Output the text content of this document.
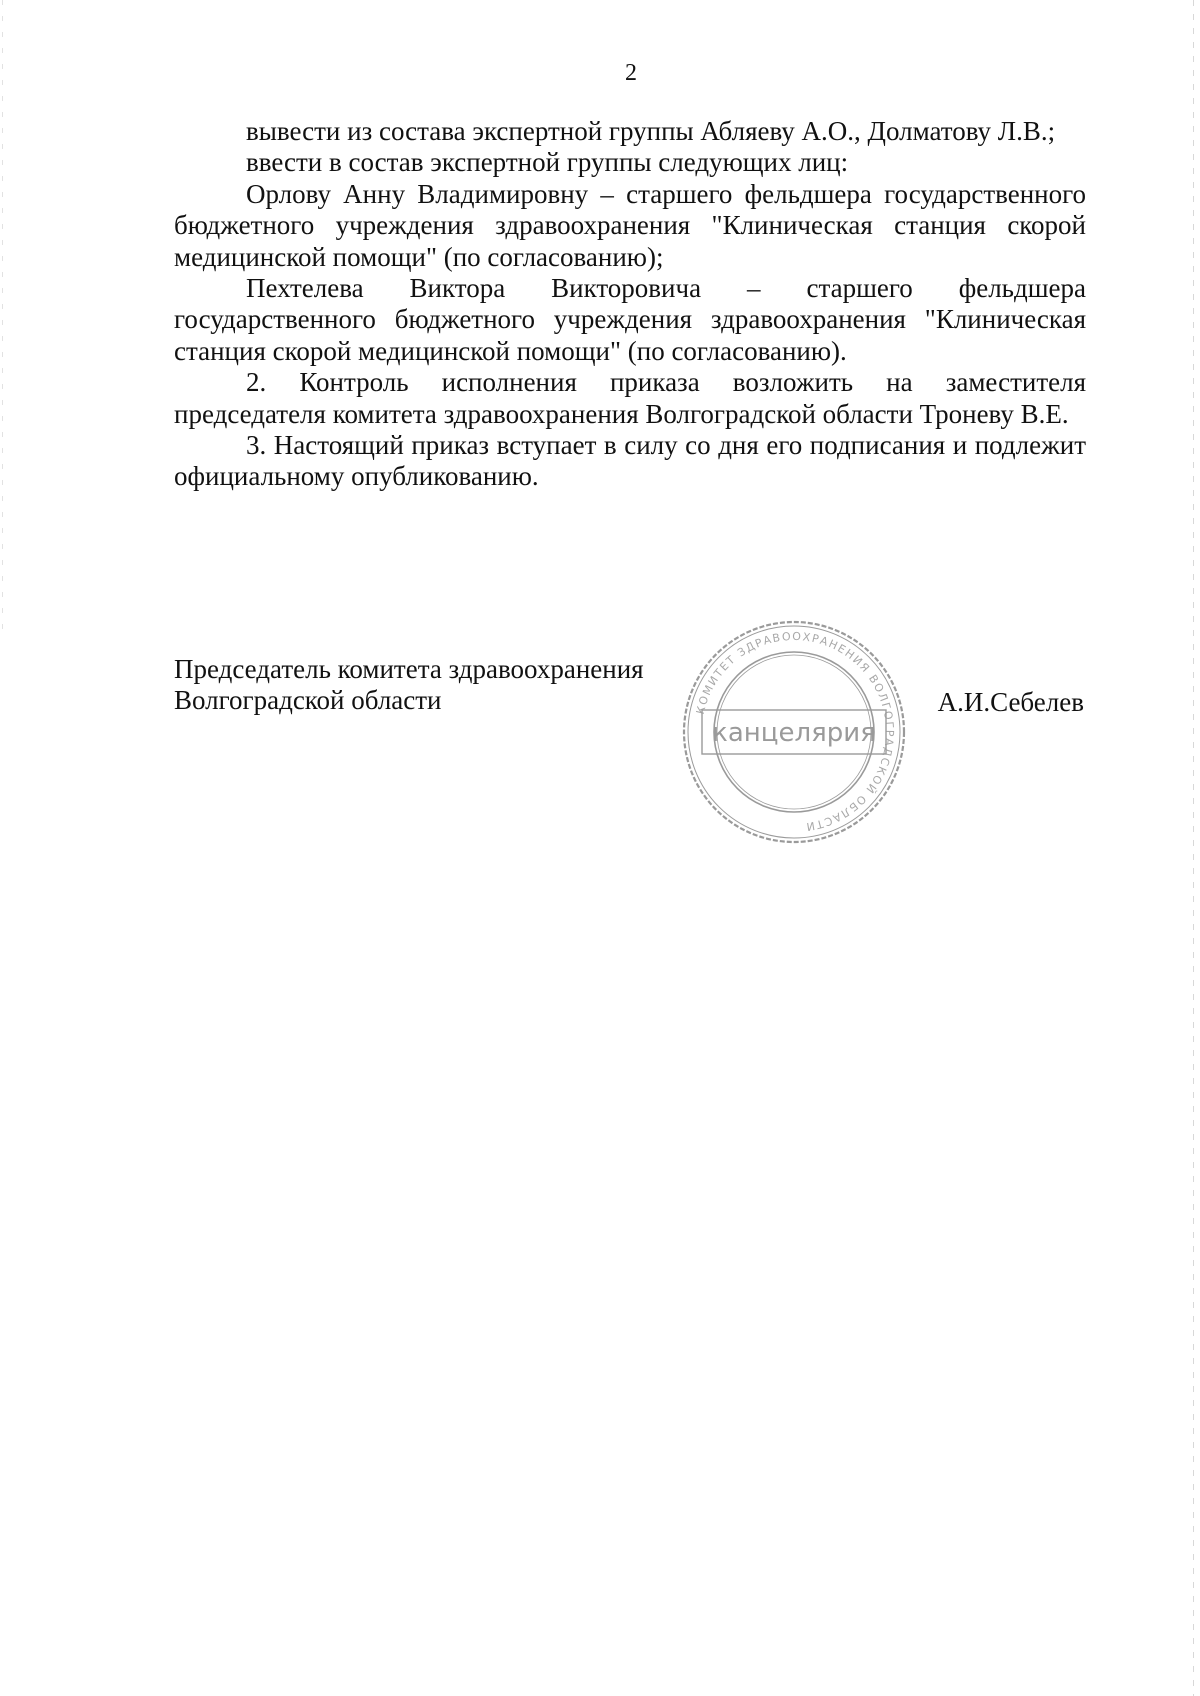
2

вывести из состава экспертной группы Абляеву А.О., Долматову Л.В.;

ввести в состав экспертной группы следующих лиц:

Орлову Анну Владимировну – старшего фельдшера государственного бюджетного учреждения здравоохранения "Клиническая станция скорой медицинской помощи" (по согласованию);

Пехтелева Виктора Викторовича – старшего фельдшера государственного бюджетного учреждения здравоохранения "Клиническая станция скорой медицинской помощи" (по согласованию).

2. Контроль исполнения приказа возложить на заместителя председателя комитета здравоохранения Волгоградской области Троневу В.Е.

3. Настоящий приказ вступает в силу со дня его подписания и подлежит официальному опубликованию.

Председатель комитета здравоохранения
Волгоградской области	А.И.Себелев
КОМИТЕТ ЗДРАВООХРАНЕНИЯ ВОЛГОГРАДСКОЙ ОБЛАСТИ
канцелярия
